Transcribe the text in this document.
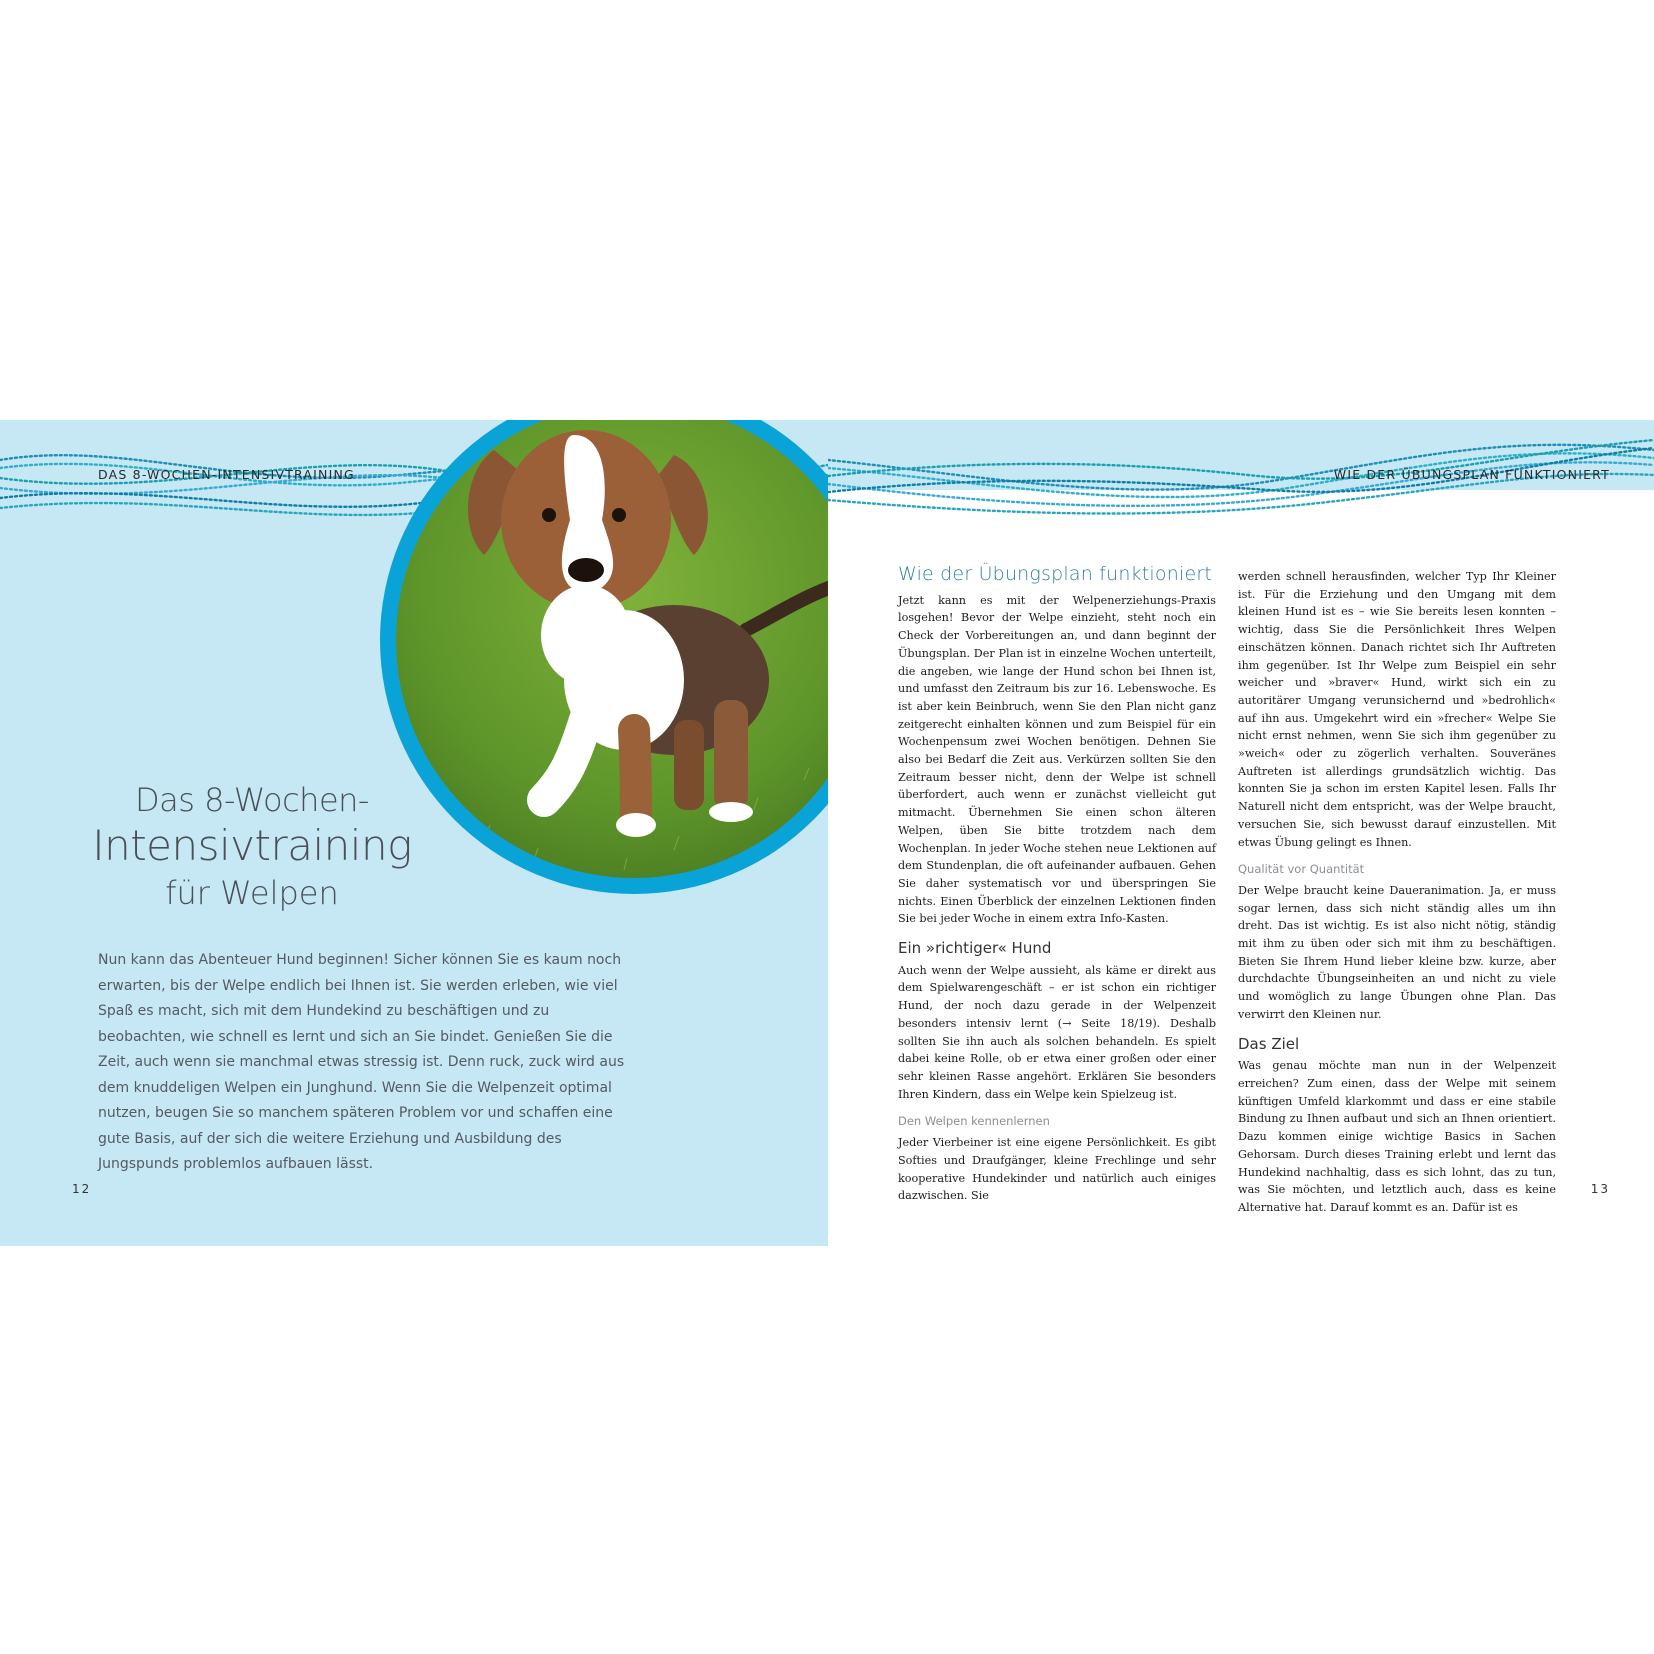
DAS 8-WOCHEN-INTENSIVTRAINING
Das 8-Wochen-
Intensivtraining
für Welpen

Nun kann das Abenteuer Hund beginnen! Sicher können Sie es kaum noch erwarten, bis der Welpe endlich bei Ihnen ist. Sie werden erleben, wie viel Spaß es macht, sich mit dem Hundekind zu beschäftigen und zu beobachten, wie schnell es lernt und sich an Sie bindet. Genießen Sie die Zeit, auch wenn sie manchmal etwas stressig ist. Denn ruck, zuck wird aus dem knuddeligen Welpen ein Junghund. Wenn Sie die Welpenzeit optimal nutzen, beugen Sie so manchem späteren Problem vor und schaffen eine gute Basis, auf der sich die weitere Erziehung und Ausbildung des Jungspunds problemlos aufbauen lässt.

12
WIE DER ÜBUNGSPLAN FUNKTIONIERT
Wie der Übungsplan funktioniert

Jetzt kann es mit der Welpenerziehungs-Praxis losgehen! Bevor der Welpe einzieht, steht noch ein Check der Vorbereitungen an, und dann beginnt der Übungsplan. Der Plan ist in einzelne Wochen unterteilt, die angeben, wie lange der Hund schon bei Ihnen ist, und umfasst den Zeitraum bis zur 16. Lebenswoche. Es ist aber kein Beinbruch, wenn Sie den Plan nicht ganz zeitgerecht einhalten können und zum Beispiel für ein Wochenpensum zwei Wochen benötigen. Dehnen Sie also bei Bedarf die Zeit aus. Verkürzen sollten Sie den Zeitraum besser nicht, denn der Welpe ist schnell überfordert, auch wenn er zunächst vielleicht gut mitmacht. Übernehmen Sie einen schon älteren Welpen, üben Sie bitte trotzdem nach dem Wochenplan. In jeder Woche stehen neue Lektionen auf dem Stundenplan, die oft aufeinander aufbauen. Gehen Sie daher systematisch vor und überspringen Sie nichts. Einen Überblick der einzelnen Lektionen finden Sie bei jeder Woche in einem extra Info-Kasten.

Ein »richtiger« Hund

Auch wenn der Welpe aussieht, als käme er direkt aus dem Spielwarengeschäft – er ist schon ein richtiger Hund, der noch dazu gerade in der Welpenzeit besonders intensiv lernt (→ Seite 18/19). Deshalb sollten Sie ihn auch als solchen behandeln. Es spielt dabei keine Rolle, ob er etwa einer großen oder einer sehr kleinen Rasse angehört. Erklären Sie besonders Ihren Kindern, dass ein Welpe kein Spielzeug ist.

Den Welpen kennenlernen

Jeder Vierbeiner ist eine eigene Persönlichkeit. Es gibt Softies und Draufgänger, kleine Frechlinge und sehr kooperative Hundekinder und natürlich auch einiges dazwischen. Sie

werden schnell herausfinden, welcher Typ Ihr Kleiner ist. Für die Erziehung und den Umgang mit dem kleinen Hund ist es – wie Sie bereits lesen konnten – wichtig, dass Sie die Persönlichkeit Ihres Welpen einschätzen können. Danach richtet sich Ihr Auftreten ihm gegenüber. Ist Ihr Welpe zum Beispiel ein sehr weicher und »braver« Hund, wirkt sich ein zu autoritärer Umgang verunsichernd und »bedrohlich« auf ihn aus. Umgekehrt wird ein »frecher« Welpe Sie nicht ernst nehmen, wenn Sie sich ihm gegenüber zu »weich« oder zu zögerlich verhalten. Souveränes Auftreten ist allerdings grundsätzlich wichtig. Das konnten Sie ja schon im ersten Kapitel lesen. Falls Ihr Naturell nicht dem entspricht, was der Welpe braucht, versuchen Sie, sich bewusst darauf einzustellen. Mit etwas Übung gelingt es Ihnen.

Qualität vor Quantität

Der Welpe braucht keine Daueranimation. Ja, er muss sogar lernen, dass sich nicht ständig alles um ihn dreht. Das ist wichtig. Es ist also nicht nötig, ständig mit ihm zu üben oder sich mit ihm zu beschäftigen. Bieten Sie Ihrem Hund lieber kleine bzw. kurze, aber durchdachte Übungseinheiten an und nicht zu viele und womöglich zu lange Übungen ohne Plan. Das verwirrt den Kleinen nur.

Das Ziel

Was genau möchte man nun in der Welpenzeit erreichen? Zum einen, dass der Welpe mit seinem künftigen Umfeld klarkommt und dass er eine stabile Bindung zu Ihnen aufbaut und sich an Ihnen orientiert. Dazu kommen einige wichtige Basics in Sachen Gehorsam. Durch dieses Training erlebt und lernt das Hundekind nachhaltig, dass es sich lohnt, das zu tun, was Sie möchten, und letztlich auch, dass es keine Alternative hat. Darauf kommt es an. Dafür ist es

13
